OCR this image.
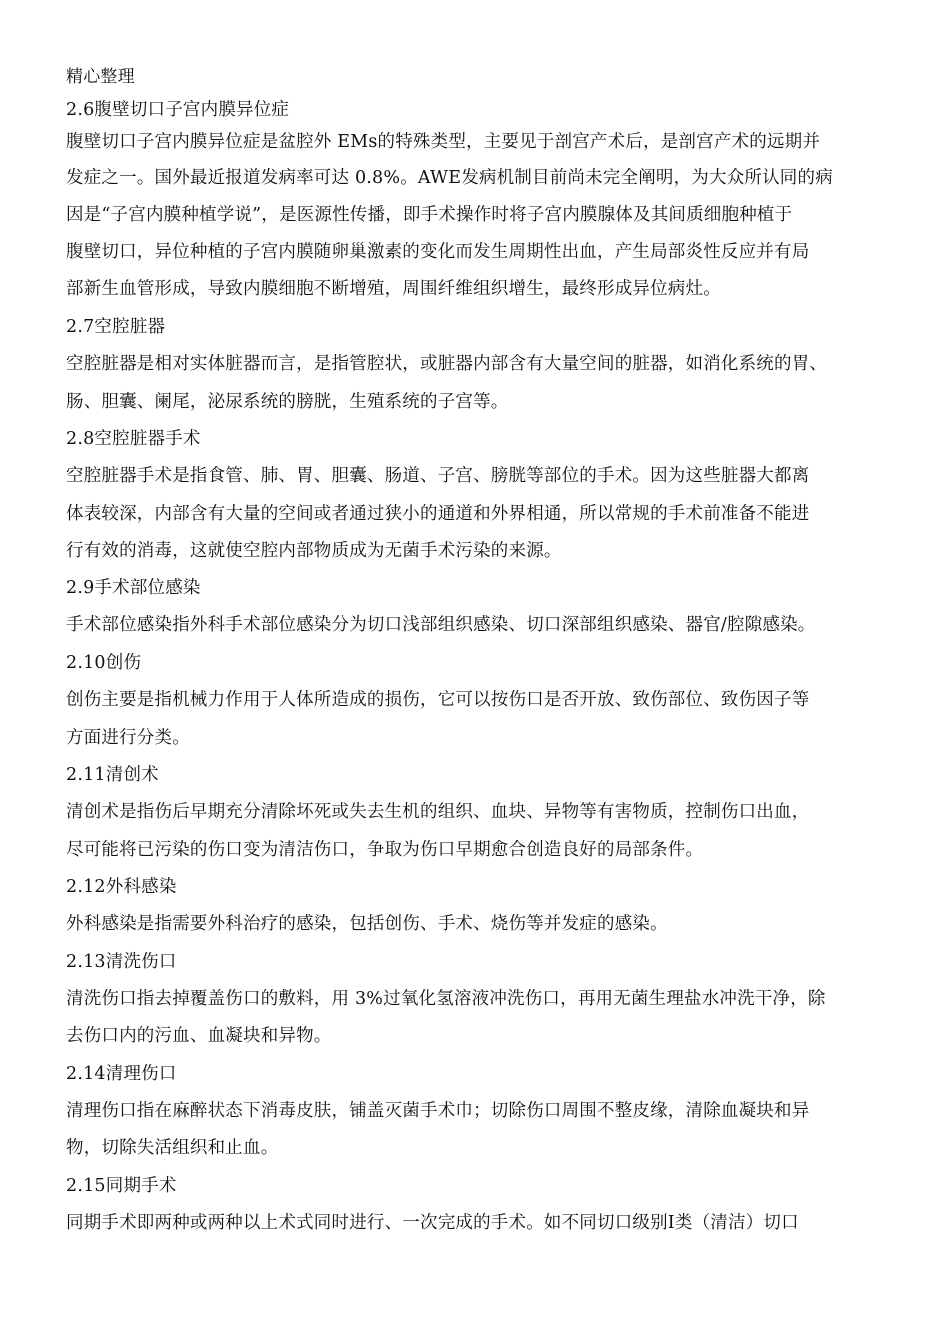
精心整理
2.6腹壁切口子宫内膜异位症
腹壁切口子宫内膜异位症是盆腔外 EMs的特殊类型，主要见于剖宫产术后，是剖宫产术的远期并
发症之一。国外最近报道发病率可达 0.8%。AWE发病机制目前尚未完全阐明，为大众所认同的病
因是“子宫内膜种植学说”，是医源性传播，即手术操作时将子宫内膜腺体及其间质细胞种植于
腹壁切口，异位种植的子宫内膜随卵巢激素的变化而发生周期性出血，产生局部炎性反应并有局
部新生血管形成，导致内膜细胞不断增殖，周围纤维组织增生，最终形成异位病灶。
2.7空腔脏器
空腔脏器是相对实体脏器而言，是指管腔状，或脏器内部含有大量空间的脏器，如消化系统的胃、
肠、胆囊、阑尾，泌尿系统的膀胱，生殖系统的子宫等。
2.8空腔脏器手术
空腔脏器手术是指食管、肺、胃、胆囊、肠道、子宫、膀胱等部位的手术。因为这些脏器大都离
体表较深，内部含有大量的空间或者通过狭小的通道和外界相通，所以常规的手术前准备不能进
行有效的消毒，这就使空腔内部物质成为无菌手术污染的来源。
2.9手术部位感染
手术部位感染指外科手术部位感染分为切口浅部组织感染、切口深部组织感染、器官/腔隙感染。
2.10创伤
创伤主要是指机械力作用于人体所造成的损伤，它可以按伤口是否开放、致伤部位、致伤因子等
方面进行分类。
2.11清创术
清创术是指伤后早期充分清除坏死或失去生机的组织、血块、异物等有害物质，控制伤口出血，
尽可能将已污染的伤口变为清洁伤口，争取为伤口早期愈合创造良好的局部条件。
2.12外科感染
外科感染是指需要外科治疗的感染，包括创伤、手术、烧伤等并发症的感染。
2.13清洗伤口
清洗伤口指去掉覆盖伤口的敷料，用 3%过氧化氢溶液冲洗伤口，再用无菌生理盐水冲洗干净，除
去伤口内的污血、血凝块和异物。
2.14清理伤口
清理伤口指在麻醉状态下消毒皮肤，铺盖灭菌手术巾；切除伤口周围不整皮缘，清除血凝块和异
物，切除失活组织和止血。
2.15同期手术
同期手术即两种或两种以上术式同时进行、一次完成的手术。如不同切口级别Ⅰ类（清洁）切口
